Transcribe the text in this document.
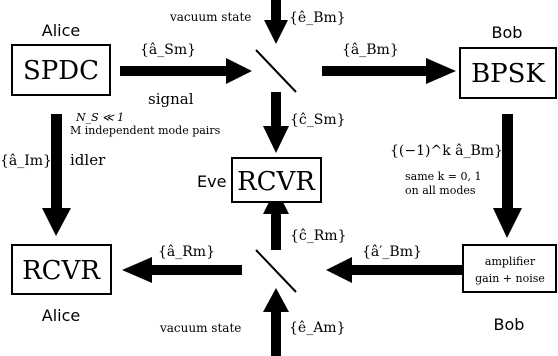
SPDC	BPSK
RCVR
RCVR	amplifier
gain + noise
Alice	Bob
Eve
Alice	Bob
vacuum state	{ê_Bm}
{â_Sm}	{â_Bm}
signal
N_S ≪ 1
M independent mode pairs
{ĉ_Sm}
{â_Im} idler	{(−1)^k â_Bm}
same k = 0, 1
on all modes
{ĉ_Rm}
{â_Rm}	{â′_Bm}
vacuum state	{ê_Am}
